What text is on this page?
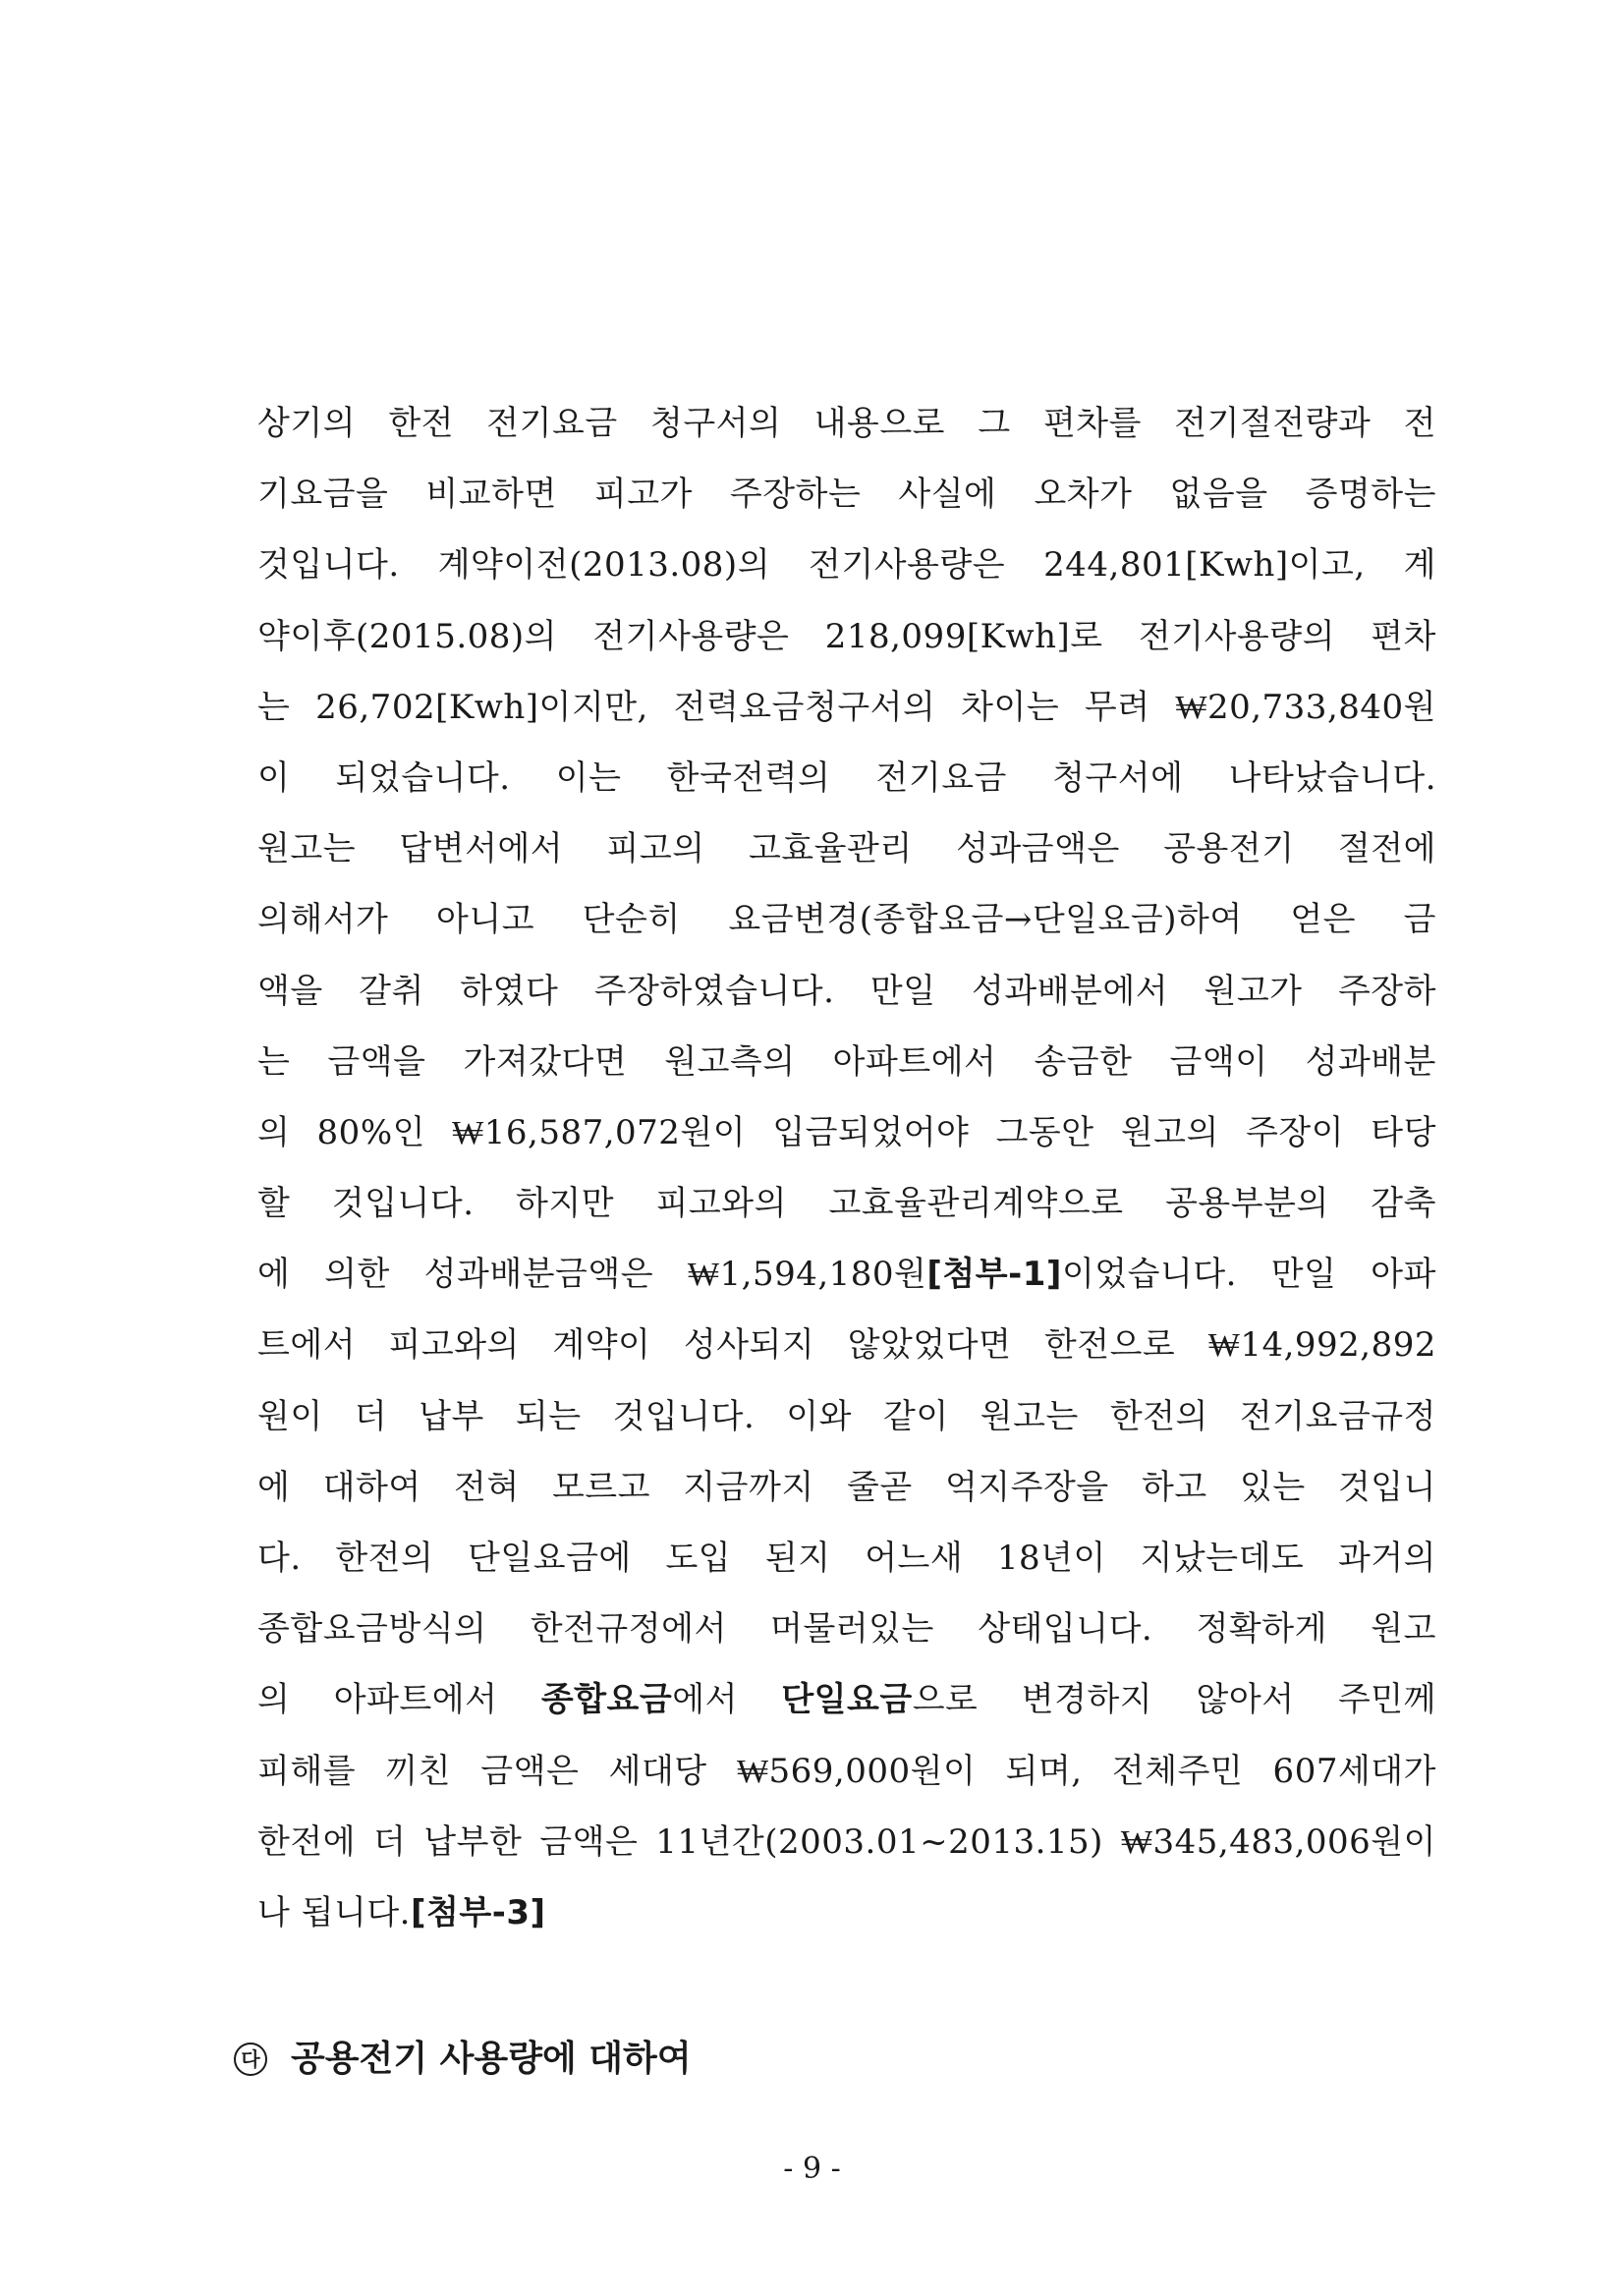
상기의 한전 전기요금 청구서의 내용으로 그 편차를 전기절전량과 전
기요금을 비교하면 피고가 주장하는 사실에 오차가 없음을 증명하는
것입니다. 계약이전(2013.08)의 전기사용량은 244,801[Kwh]이고, 계
약이후(2015.08)의 전기사용량은 218,099[Kwh]로 전기사용량의 편차
는 26,702[Kwh]이지만, 전력요금청구서의 차이는 무려 ₩20,733,840원
이 되었습니다. 이는 한국전력의 전기요금 청구서에 나타났습니다.
원고는 답변서에서 피고의 고효율관리 성과금액은 공용전기 절전에
의해서가 아니고 단순히 요금변경(종합요금→단일요금)하여 얻은 금
액을 갈취 하였다 주장하였습니다. 만일 성과배분에서 원고가 주장하
는 금액을 가져갔다면 원고측의 아파트에서 송금한 금액이 성과배분
의 80%인 ₩16,587,072원이 입금되었어야 그동안 원고의 주장이 타당
할 것입니다. 하지만 피고와의 고효율관리계약으로 공용부분의 감축
에 의한 성과배분금액은 ₩1,594,180원[첨부-1]이었습니다. 만일 아파
트에서 피고와의 계약이 성사되지 않았었다면 한전으로 ₩14,992,892
원이 더 납부 되는 것입니다. 이와 같이 원고는 한전의 전기요금규정
에 대하여 전혀 모르고 지금까지 줄곧 억지주장을 하고 있는 것입니
다. 한전의 단일요금에 도입 된지 어느새 18년이 지났는데도 과거의
종합요금방식의 한전규정에서 머물러있는 상태입니다. 정확하게 원고
의 아파트에서 종합요금에서 단일요금으로 변경하지 않아서 주민께
피해를 끼친 금액은 세대당 ₩569,000원이 되며, 전체주민 607세대가
한전에 더 납부한 금액은 11년간(2003.01~2013.15) ₩345,483,006원이
나 됩니다.[첨부-3]
다 공용전기 사용량에 대하여
- 9 -
